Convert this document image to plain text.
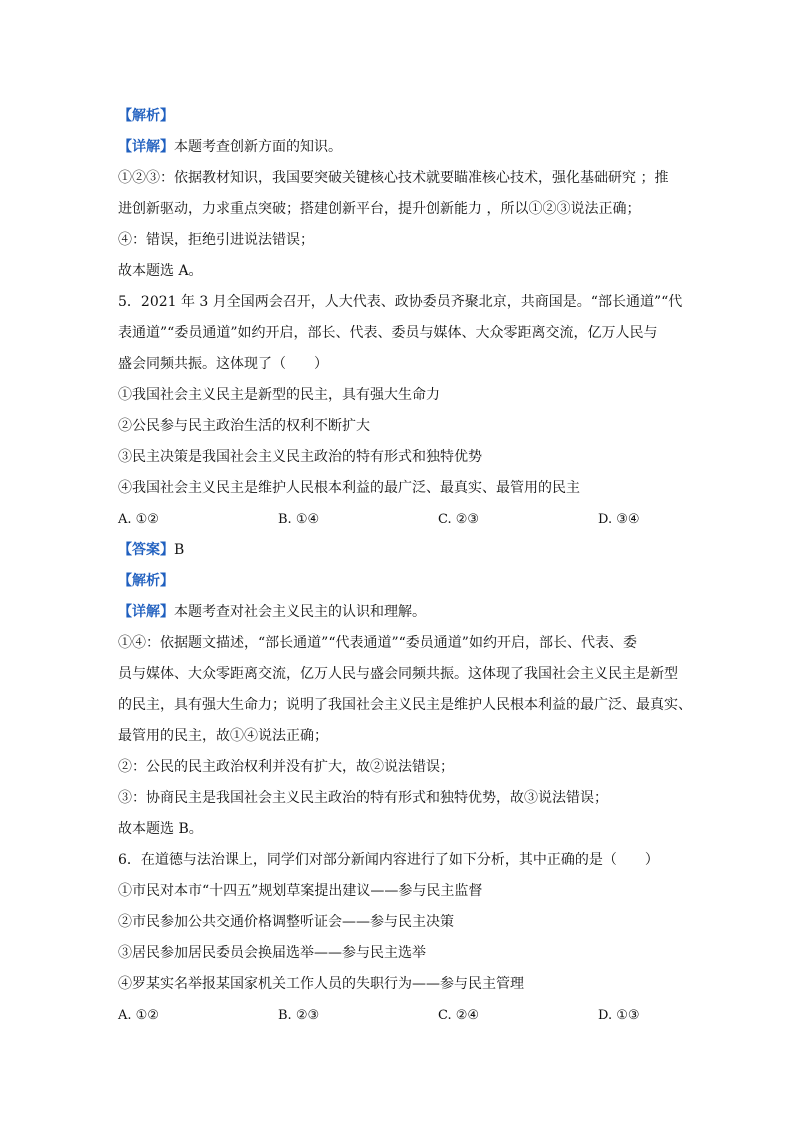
【解析】
【详解】本题考查创新方面的知识。
①②③：依据教材知识，我国要突破关键核心技术就要瞄准核心技术，强化基础研究 ；推
进创新驱动，力求重点突破；搭建创新平台，提升创新能力 ，所以①②③说法正确；
④：错误，拒绝引进说法错误；
故本题选 A。
5．2021 年 3 月全国两会召开，人大代表、政协委员齐聚北京，共商国是。“部长通道”“代
表通道”“委员通道”如约开启，部长、代表、委员与媒体、大众零距离交流，亿万人民与
盛会同频共振。这体现了（　　）
①我国社会主义民主是新型的民主，具有强大生命力
②公民参与民主政治生活的权利不断扩大
③民主决策是我国社会主义民主政治的特有形式和独特优势
④我国社会主义民主是维护人民根本利益的最广泛、最真实、最管用的民主
A. ①②	B. ①④	C. ②③	D. ③④
【答案】B
【解析】
【详解】本题考查对社会主义民主的认识和理解。
①④：依据题文描述，“部长通道”“代表通道”“委员通道”如约开启，部长、代表、委
员与媒体、大众零距离交流，亿万人民与盛会同频共振。这体现了我国社会主义民主是新型
的民主，具有强大生命力；说明了我国社会主义民主是维护人民根本利益的最广泛、最真实、
最管用的民主，故①④说法正确；
②：公民的民主政治权利并没有扩大，故②说法错误；
③：协商民主是我国社会主义民主政治的特有形式和独特优势，故③说法错误；
故本题选 B。
6．在道德与法治课上，同学们对部分新闻内容进行了如下分析，其中正确的是（　　）
①市民对本市“十四五”规划草案提出建议——参与民主监督
②市民参加公共交通价格调整听证会——参与民主决策
③居民参加居民委员会换届选举——参与民主选举
④罗某实名举报某国家机关工作人员的失职行为——参与民主管理
A. ①②	B. ②③	C. ②④	D. ①③
